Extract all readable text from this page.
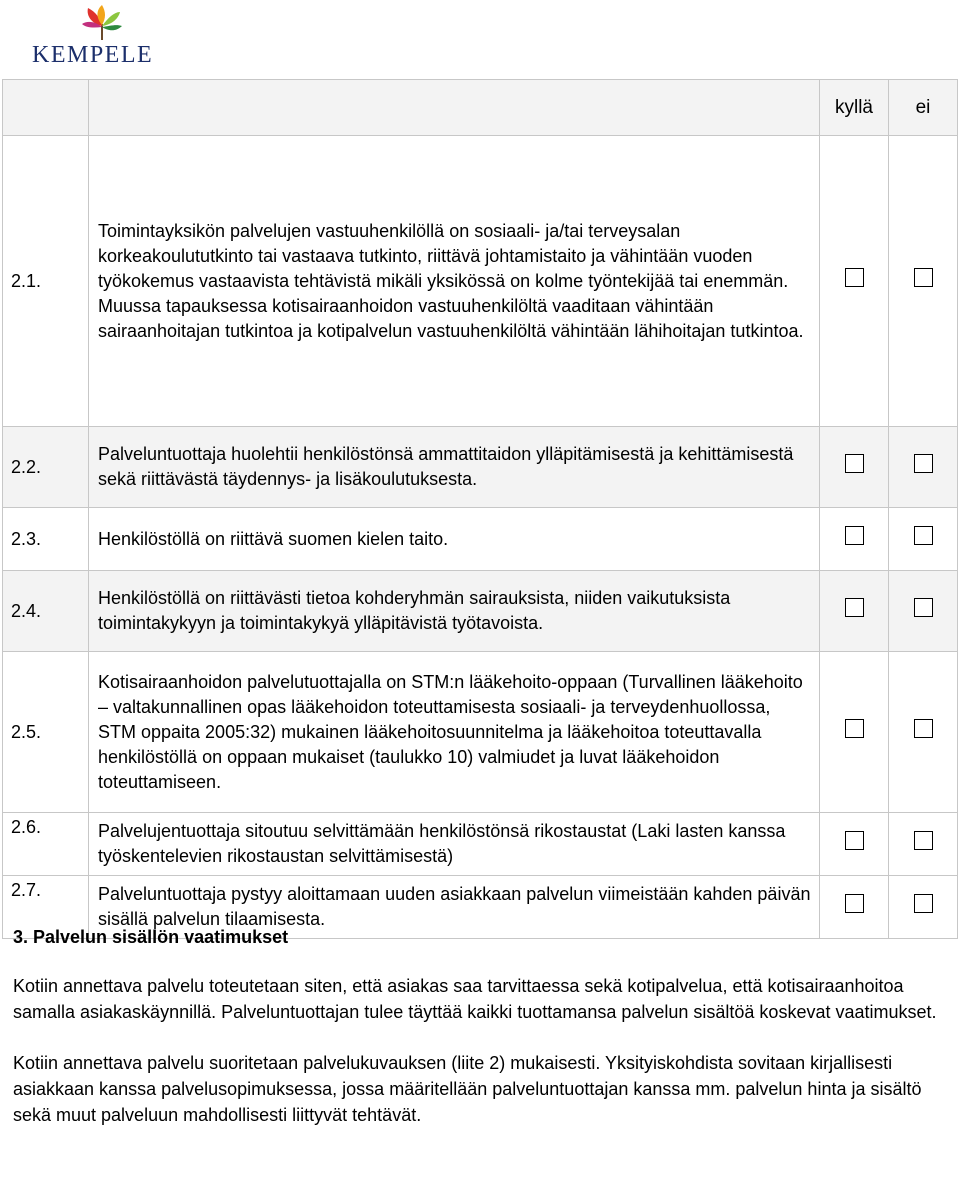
KEMPELE
		kyllä	ei
2.1.	Toimintayksikön palvelujen vastuuhenkilöllä on sosiaali- ja/tai terveysalan korkeakoulututkinto tai vastaava tutkinto, riittävä johtamistaito ja vähintään vuoden työkokemus vastaavista tehtävistä mikäli yksikössä on kolme työntekijää tai enemmän. Muussa tapauksessa kotisairaanhoidon vastuuhenkilöltä vaaditaan vähintään sairaanhoitajan tutkintoa ja kotipalvelun vastuuhenkilöltä vähintään lähihoitajan tutkintoa.		
2.2.	Palveluntuottaja huolehtii henkilöstönsä ammattitaidon ylläpitämisestä ja kehittämisestä sekä riittävästä täydennys- ja lisäkoulutuksesta.		
2.3.	Henkilöstöllä on riittävä suomen kielen taito.		
2.4.	Henkilöstöllä on riittävästi tietoa kohderyhmän sairauksista, niiden vaikutuksista toimintakykyyn ja toimintakykyä ylläpitävistä työtavoista.		
2.5.	Kotisairaanhoidon palvelutuottajalla on STM:n lääkehoito-oppaan (Turvallinen lääkehoito – valtakunnallinen opas lääkehoidon toteuttamisesta sosiaali- ja terveydenhuollossa, STM oppaita 2005:32) mukainen lääkehoitosuunnitelma ja lääkehoitoa toteuttavalla henkilöstöllä on oppaan mukaiset (taulukko 10) valmiudet ja luvat lääkehoidon toteuttamiseen.		
2.6.	Palvelujentuottaja sitoutuu selvittämään henkilöstönsä rikostaustat (Laki lasten kanssa työskentelevien rikostaustan selvittämisestä)		
2.7.	Palveluntuottaja pystyy aloittamaan uuden asiakkaan palvelun viimeistään kahden päivän sisällä palvelun tilaamisesta.		
3. Palvelun sisällön vaatimukset

Kotiin annettava palvelu toteutetaan siten, että asiakas saa tarvittaessa sekä kotipalvelua, että kotisairaanhoitoa samalla asiakaskäynnillä. Palveluntuottajan tulee täyttää kaikki tuottamansa palvelun sisältöä koskevat vaatimukset.

Kotiin annettava palvelu suoritetaan palvelukuvauksen (liite 2) mukaisesti. Yksityiskohdista sovitaan kirjallisesti asiakkaan kanssa palvelusopimuksessa, jossa määritellään palveluntuottajan kanssa mm. palvelun hinta ja sisältö sekä muut palveluun mahdollisesti liittyvät tehtävät.
